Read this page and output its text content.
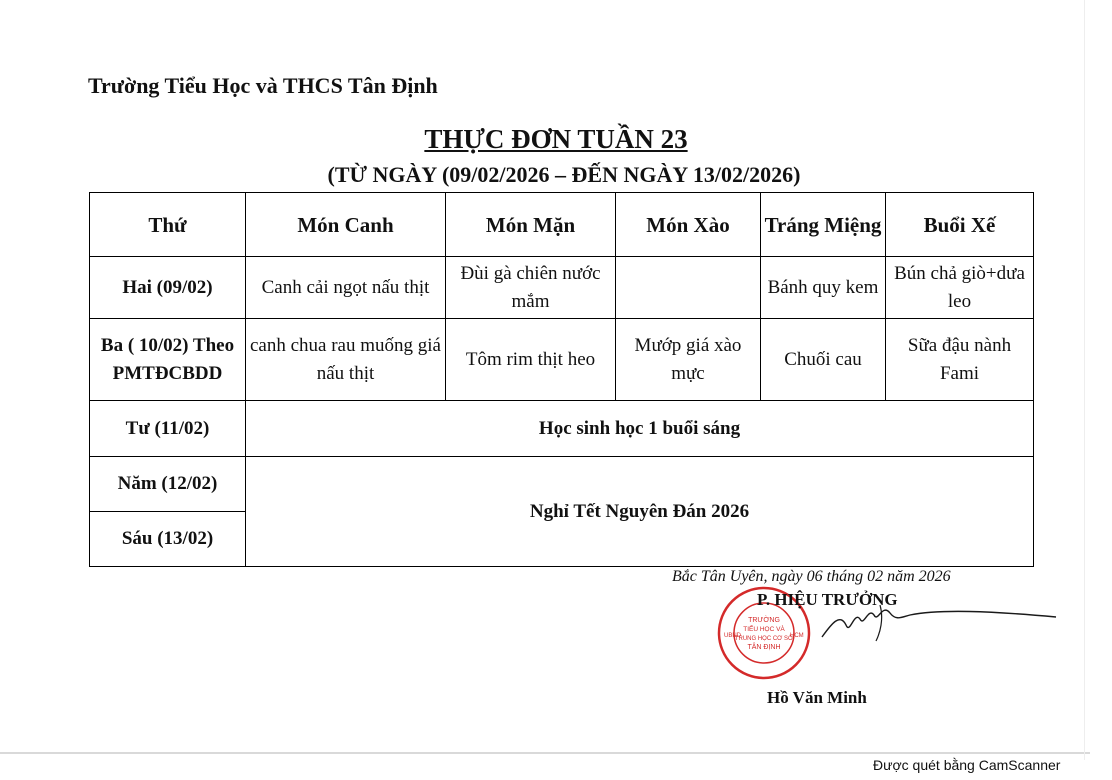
Trường Tiểu Học và THCS Tân Định
THỰC ĐƠN TUẦN 23
(TỪ NGÀY (09/02/2026 – ĐẾN NGÀY 13/02/2026)
Thứ	Món Canh	Món Mặn	Món Xào	Tráng Miệng	Buổi Xế
Hai (09/02)	Canh cải ngọt nấu thịt	Đùi gà chiên nước mắm		Bánh quy kem	Bún chả giò+dưa leo
Ba ( 10/02) Theo PMTĐCBDD	canh chua rau muống giá nấu thịt	Tôm rim thịt heo	Mướp giá xào mực	Chuối cau	Sữa đậu nành Fami
Tư (11/02)	Học sinh học 1 buổi sáng				
Năm (12/02)	Nghỉ Tết Nguyên Đán 2026				
Sáu (13/02)					
Bắc Tân Uyên, ngày 06 tháng 02 năm 2026
TRƯỜNG
TIỂU HỌC VÀ
TRUNG HỌC CƠ SỞ
TÂN ĐỊNH
UBND	HCM
P. HIỆU TRƯỞNG
Hồ Văn Minh
Được quét bằng CamScanner
